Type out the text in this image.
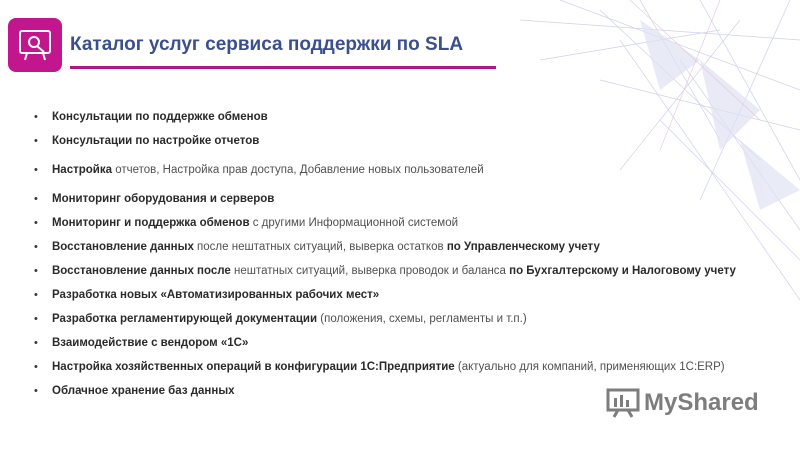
Каталог услуг сервиса поддержки по SLA
• Консультации по поддержке обменов
• Консультации по настройке отчетов
• Настройка отчетов, Настройка прав доступа, Добавление новых пользователей
• Мониторинг оборудования и серверов
• Мониторинг и поддержка обменов с другими Информационной системой
• Восстановление данных после нештатных ситуаций, выверка остатков по Управленческому учету
• Восстановление данных после нештатных ситуаций, выверка проводок и баланса по Бухгалтерскому и Налоговому учету
• Разработка новых «Автоматизированных рабочих мест»
• Разработка регламентирующей документации (положения, схемы, регламенты и т.п.)
• Взаимодействие с вендором «1С»
• Настройка хозяйственных операций в конфигурации 1С:Предприятие (актуально для компаний, применяющих 1С:ERP)
• Облачное хранение баз данных	MyShared
